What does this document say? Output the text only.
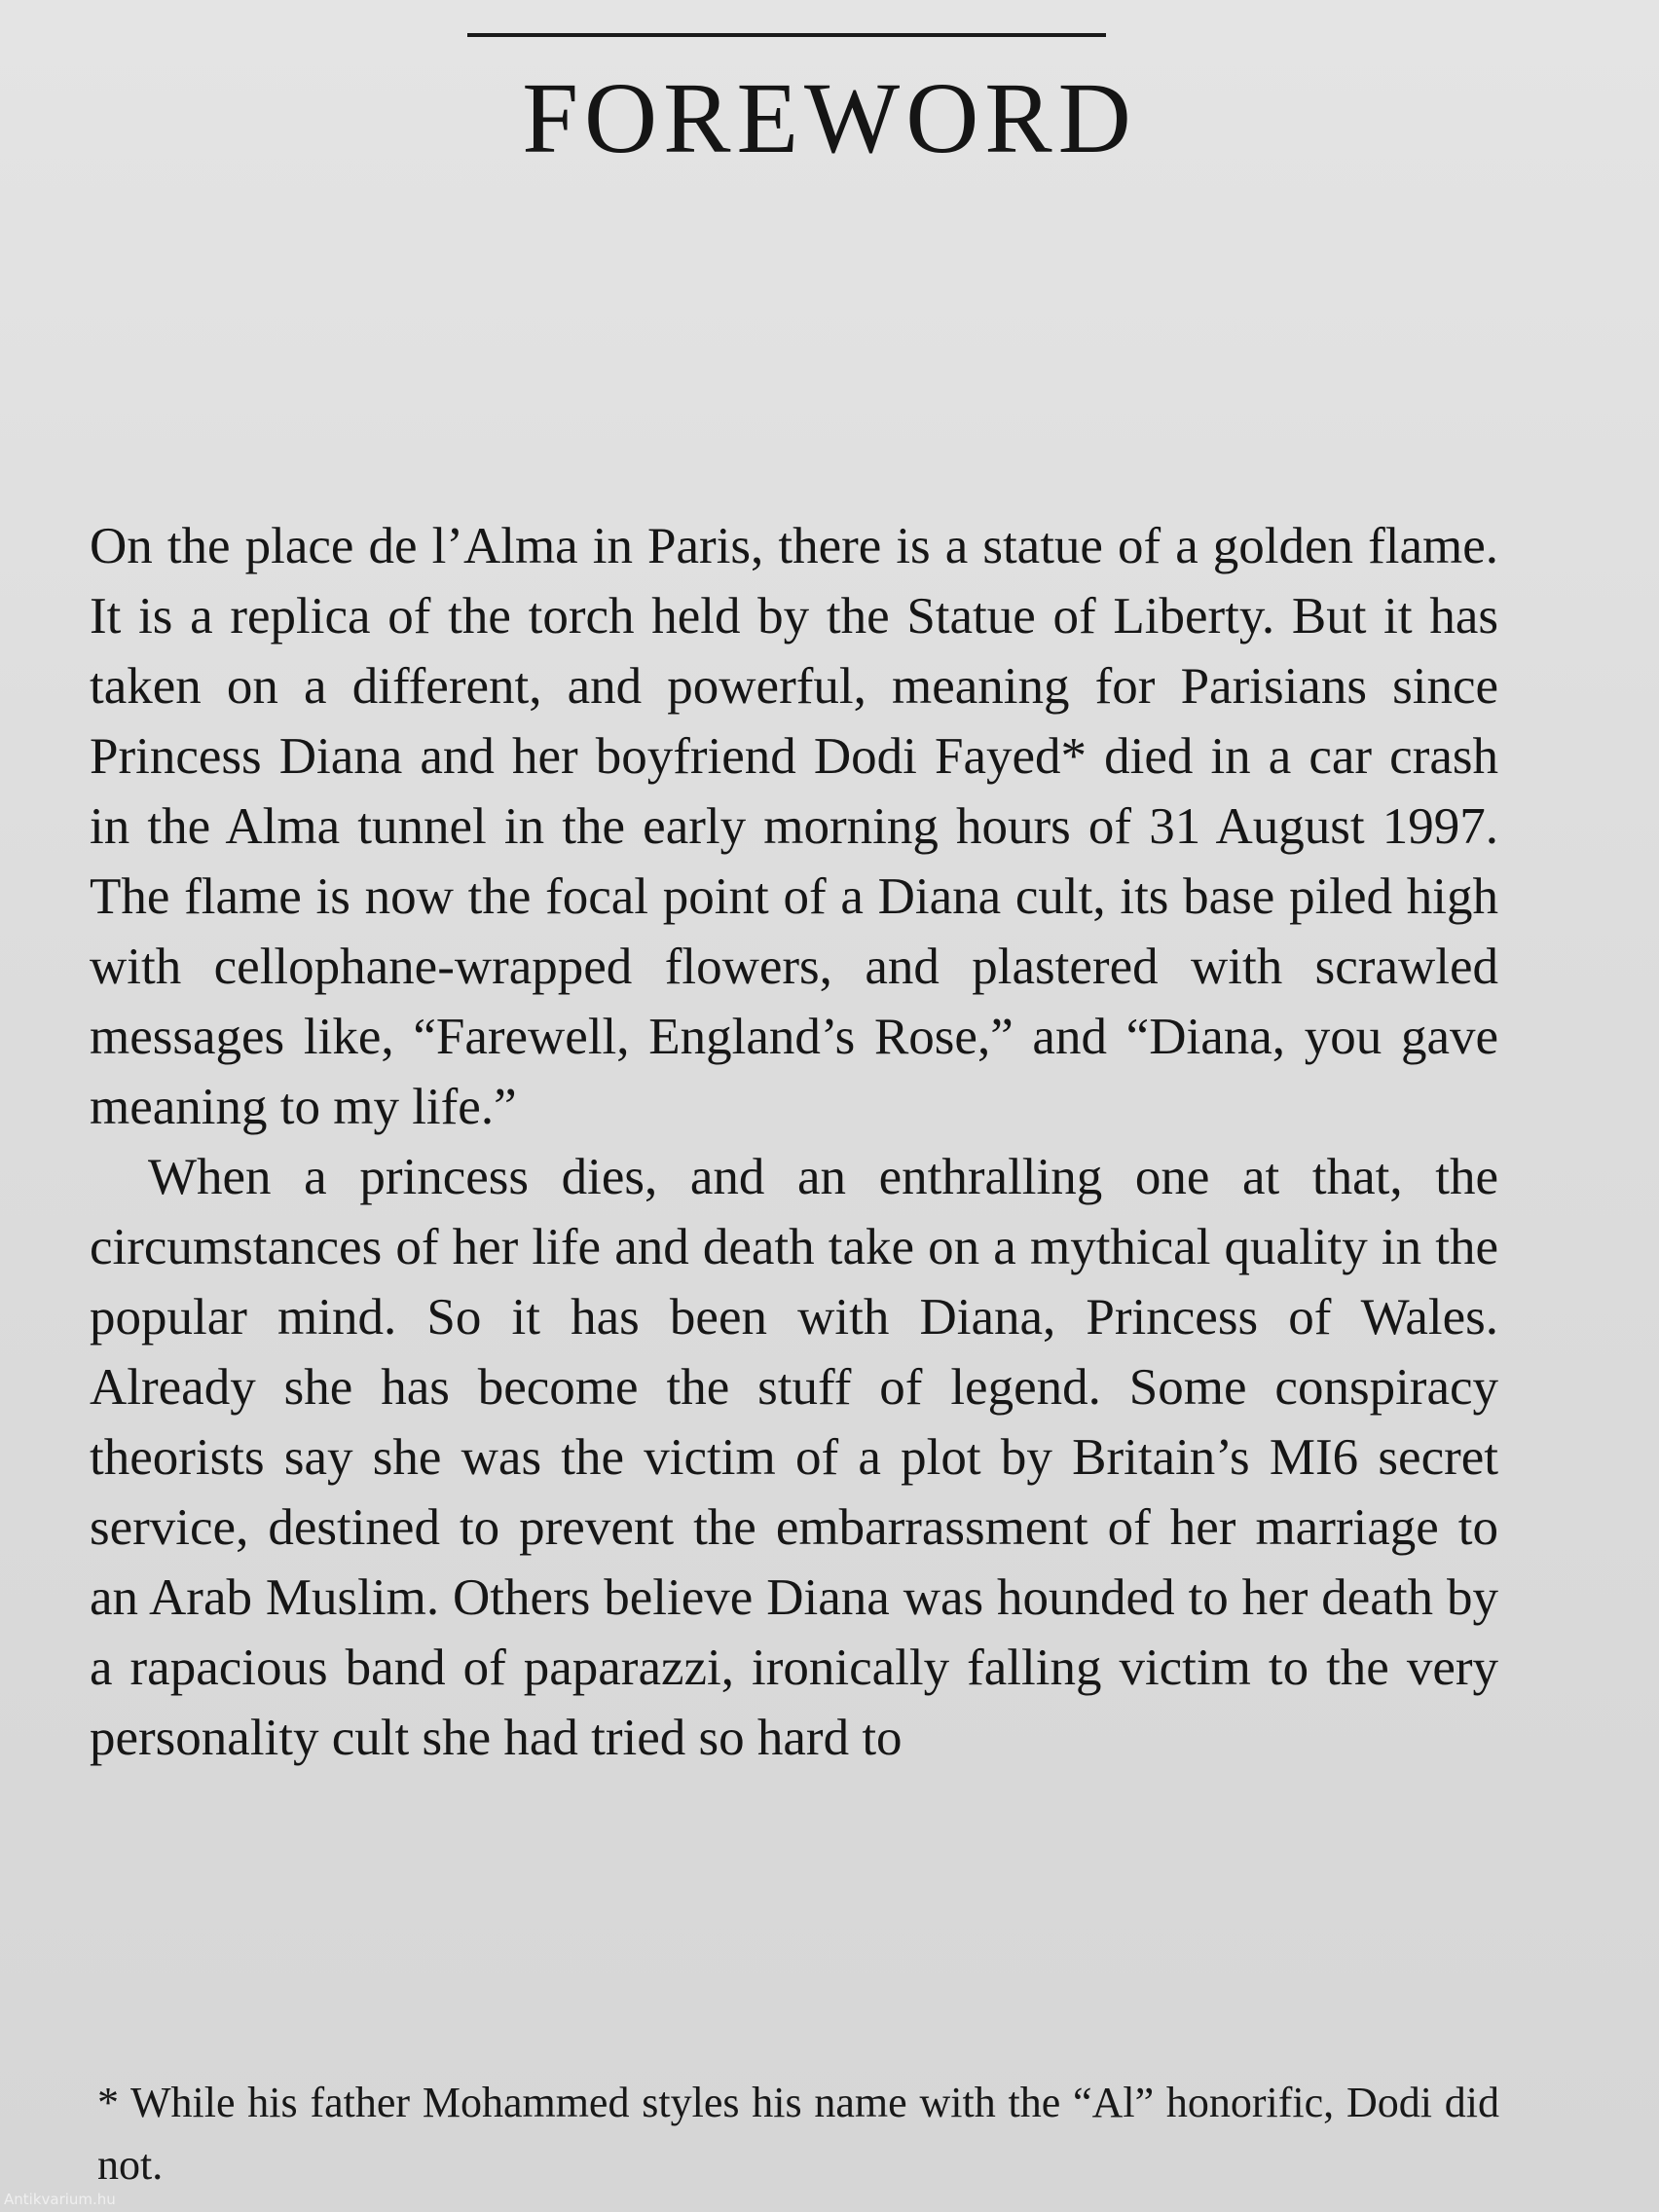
FOREWORD

On the place de l’Alma in Paris, there is a statue of a golden flame. It is a replica of the torch held by the Statue of Liberty. But it has taken on a different, and powerful, meaning for Parisians since Princess Diana and her boyfriend Dodi Fayed* died in a car crash in the Alma tunnel in the early morning hours of 31 August 1997. The flame is now the focal point of a Diana cult, its base piled high with cellophane-wrapped flowers, and plastered with scrawled messages like, “Farewell, England’s Rose,” and “Diana, you gave meaning to my life.”

When a princess dies, and an enthralling one at that, the circumstances of her life and death take on a mythical quality in the popular mind. So it has been with Diana, Princess of Wales. Already she has become the stuff of legend. Some conspiracy theorists say she was the victim of a plot by Britain’s MI6 secret service, destined to prevent the embarrassment of her marriage to an Arab Muslim. Others believe Diana was hounded to her death by a rapacious band of paparazzi, ironically falling victim to the very personality cult she had tried so hard to

* While his father Mohammed styles his name with the “Al” honorific, Dodi did not.

Antikvarium.hu
